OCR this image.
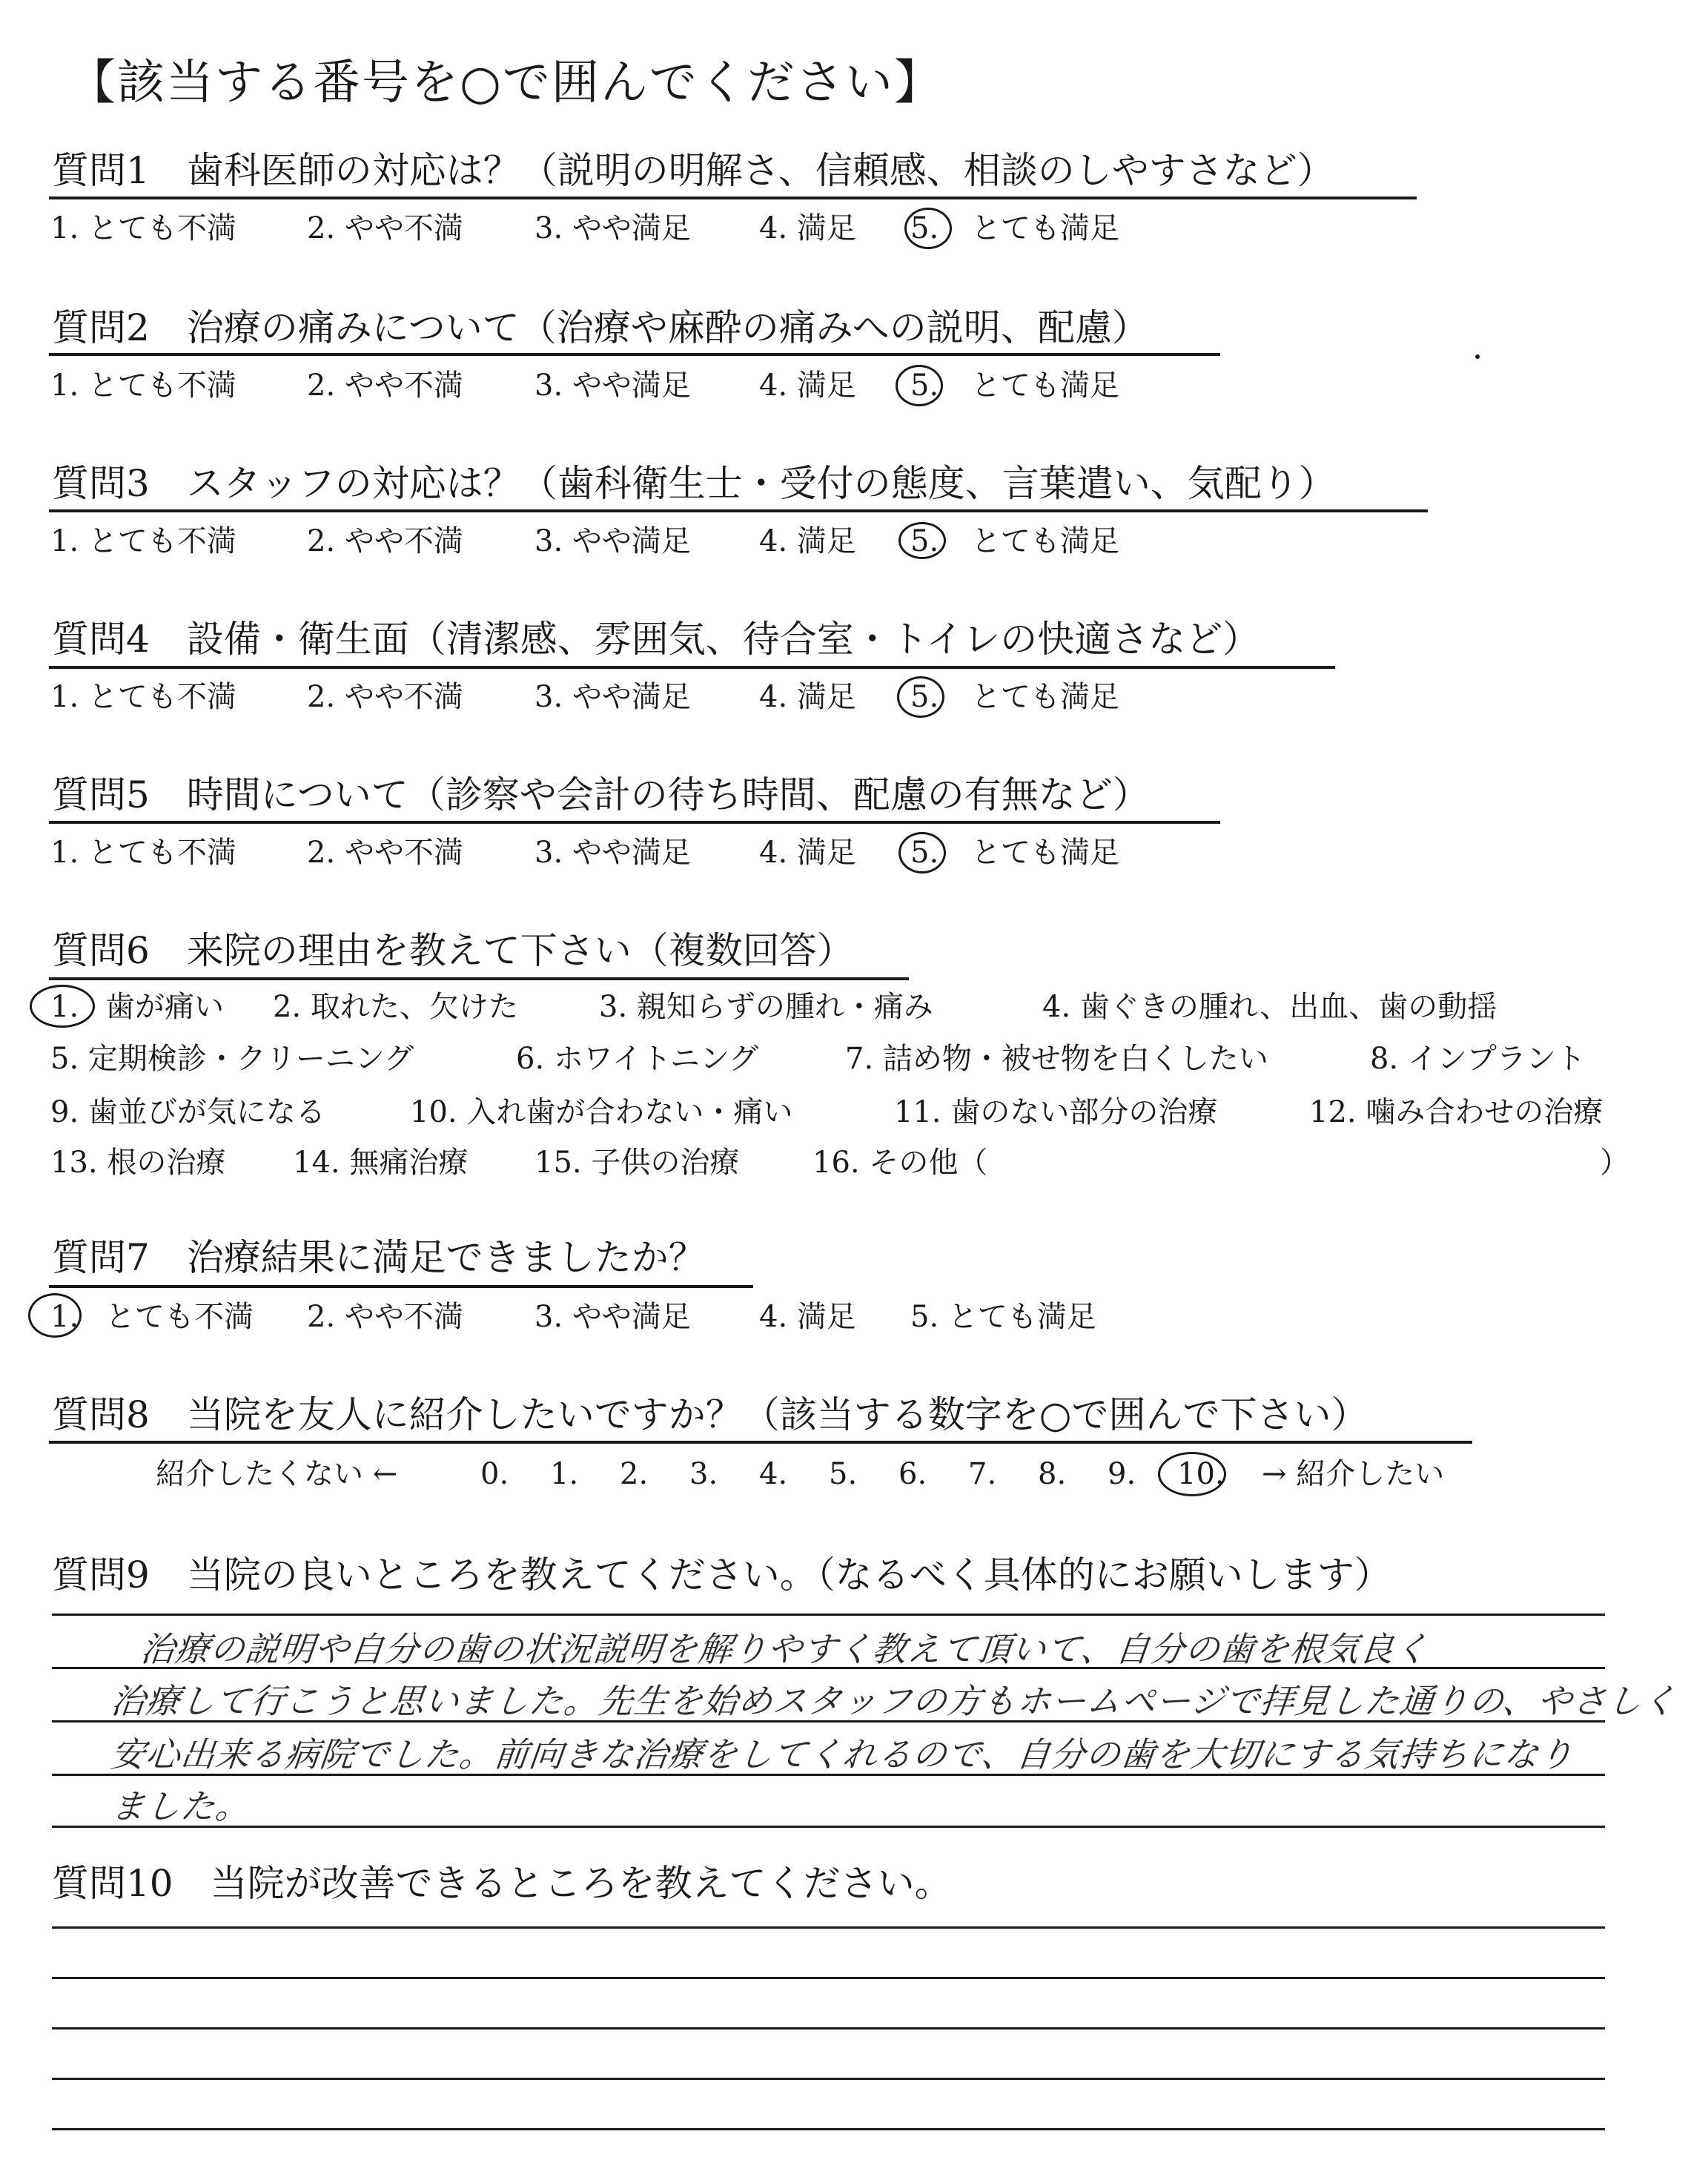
【該当する番号を○で囲んでください】
質問1　歯科医師の対応は？（説明の明解さ、信頼感、相談のしやすさなど）
1. とても不満 2. やや不満 3. やや満足 4. 満足 5. とても満足
質問2　治療の痛みについて（治療や麻酔の痛みへの説明、配慮）
1. とても不満 2. やや不満 3. やや満足 4. 満足 5. とても満足
質問3　スタッフの対応は？（歯科衛生士・受付の態度、言葉遣い、気配り）
1. とても不満 2. やや不満 3. やや満足 4. 満足 5. とても満足
質問4　設備・衛生面（清潔感、雰囲気、待合室・トイレの快適さなど）
1. とても不満 2. やや不満 3. やや満足 4. 満足 5. とても満足
質問5　時間について（診察や会計の待ち時間、配慮の有無など）
1. とても不満 2. やや不満 3. やや満足 4. 満足 5. とても満足
質問6　来院の理由を教えて下さい（複数回答）
1. 歯が痛い 2. 取れた、欠けた	3. 親知らずの腫れ・痛み	4. 歯ぐきの腫れ、出血、歯の動揺
5. 定期検診・クリーニング	6. ホワイトニング	7. 詰め物・被せ物を白くしたい	8. インプラント
9. 歯並びが気になる	10. 入れ歯が合わない・痛い	11. 歯のない部分の治療	12. 噛み合わせの治療
13. 根の治療 14. 無痛治療 15. 子供の治療 16. その他（	）
質問7　治療結果に満足できましたか？
1. とても不満 2. やや不満 3. やや満足 4. 満足 5. とても満足
質問8　当院を友人に紹介したいですか？（該当する数字を○で囲んで下さい）
紹介したくない ←	0. 1. 2. 3. 4. 5. 6. 7. 8. 9. 10. → 紹介したい
質問9　当院の良いところを教えてください。（なるべく具体的にお願いします）
治療の説明や自分の歯の状況説明を解りやすく教えて頂いて、自分の歯を根気良く
治療して行こうと思いました。先生を始めスタッフの方もホームページで拝見した通りの、やさしく
安心出来る病院でした。前向きな治療をしてくれるので、自分の歯を大切にする気持ちになり
ました。
質問10　当院が改善できるところを教えてください。
